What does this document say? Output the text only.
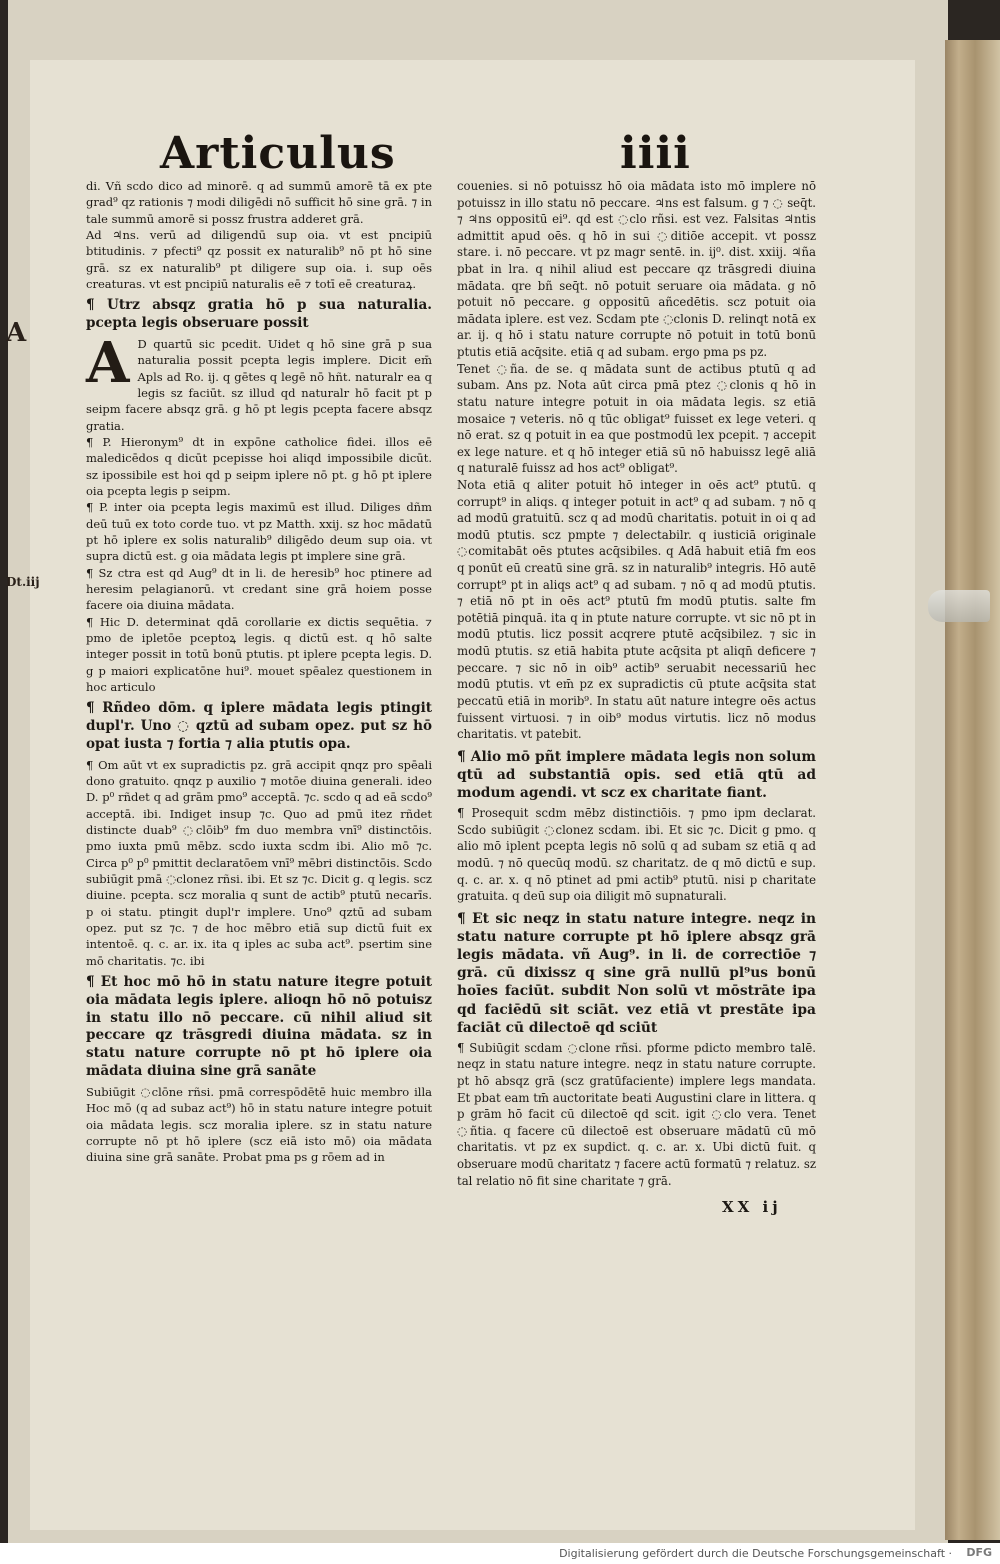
Articulus	iiii
A
Dt.iij

di. Vñ scdo dico ad minorē. q ad summū amorē tā ex pte grad⁹ qz rationis ⁊ modi diligēdi nō sufficit hō sine grā. ⁊ in tale summū amorē si possz frustra adderet grā.

Ad ♃ns. verū ad diligendū sup oia. vt est pncipiū btitudinis. ⁊ pfecti⁹ qz possit ex naturalib⁹ nō pt hō sine grā. sz ex naturalib⁹ pt diligere sup oia. i. sup oēs creaturas. vt est pncipiū naturalis eē ⁊ totī eē creaturaꝝ.

¶ Utrz absqz gratia hō p sua naturalia. pcepta legis obseruare possit

A D quartū sic pcedit. Uidet q hō sine grā p sua naturalia possit pcepta legis implere. Dicit em̄ Apls ad Ro. ij. q gētes q legē nō hñt. naturalr ea q legis sz faciūt. sz illud qd naturalr hō facit pt p seipm facere absqz grā. g hō pt legis pcepta facere absqz gratia.

¶ P. Hieronym⁹ dt in expōne catholice fidei. illos eē maledicēdos q dicūt pcepisse hoi aliqd impossibile dicūt. sz ipossibile est hoi qd p seipm iplere nō pt. g hō pt iplere oia pcepta legis p seipm.

¶ P. inter oia pcepta legis maximū est illud. Diliges dñm deū tuū ex toto corde tuo. vt pz Matth. xxij. sz hoc mādatū pt hō iplere ex solis naturalib⁹ diligēdo deum sup oia. vt supra dictū est. g oia mādata legis pt implere sine grā.

¶ Sz ctra est qd Aug⁹ dt in li. de heresib⁹ hoc ptinere ad heresim pelagianorū. vt credant sine grā hoiem posse facere oia diuina mādata.

¶ Hic D. determinat qdā corollarie ex dictis sequētia. ⁊ pmo de ipletōe pceptoꝝ legis. q dictū est. q hō salte integer possit in totū bonū ptutis. pt iplere pcepta legis. D. g p maiori explicatōne hui⁹. mouet spēalez questionem in hoc articulo

¶ Rñdeo dōm. q iplere mādata legis ptingit dupl'r. Uno ◌ qztū ad subam opez. put sz hō opat iusta ⁊ fortia ⁊ alia ptutis opa.

¶ Om aūt vt ex supradictis pz. grā accipit qnqz pro spēali dono gratuito. qnqz p auxilio ⁊ motōe diuina generali. ideo D. p⁰ rñdet q ad grām pmo⁹ acceptā. ⁊c. scdo q ad eā scdo⁹ acceptā. ibi. Indiget insup ⁊c. Quo ad pmū itez rñdet distincte duab⁹ ◌clōib⁹ fm duo membra vnī⁹ distinctōis. pmo iuxta pmū mēbz. scdo iuxta scdm ibi. Alio mō ⁊c. Circa p⁰ p⁰ pmittit declaratōem vnī⁹ mēbri distinctōis. Scdo subiūgit pmā ◌clonez rñsi. ibi. Et sz ⁊c. Dicit g. q legis. scz diuine. pcepta. scz moralia q sunt de actib⁹ ptutū necarīs. p oi statu. ptingit dupl'r implere. Uno⁹ qztū ad subam opez. put sz ⁊c. ⁊ de hoc mēbro etiā sup dictū fuit ex intentoē. q. c. ar. ix. ita q iples ac suba act⁹. psertim sine mō charitatis. ⁊c. ibi

¶ Et hoc mō hō in statu nature itegre potuit oia mādata legis iplere. alioqn hō nō potuisz in statu illo nō peccare. cū nihil aliud sit peccare qz trāsgredi diuina mādata. sz in statu nature corrupte nō pt hō iplere oia mādata diuina sine grā sanāte

Subiūgit ◌clōne rñsi. pmā correspōdētē huic membro illa Hoc mō (q ad subaz act⁹) hō in statu nature integre potuit oia mādata legis. scz moralia iplere. sz in statu nature corrupte nō pt hō iplere (scz eiā isto mō) oia mādata diuina sine grā sanāte. Probat pma ps g rōem ad in

couenies. si nō potuissz hō oia mādata isto mō implere nō potuissz in illo statu nō peccare. ♃ns est falsum. g ⁊ ◌ seq̄t. ⁊ ♃ns oppositū ei⁹. qd est ◌clo rñsi. est vez. Falsitas ♃ntis admittit apud oēs. q hō in sui ◌ditiōe accepit. vt possz stare. i. nō peccare. vt pz magr sentē. in. ij⁰. dist. xxiij. ♃ña pbat in lra. q nihil aliud est peccare qz trāsgredi diuina mādata. qre bñ seq̄t. nō potuit seruare oia mādata. g nō potuit nō peccare. g oppositū añcedētis. scz potuit oia mādata iplere. est vez. Scdam pte ◌clonis D. relinqt notā ex ar. ij. q hō i statu nature corrupte nō potuit in totū bonū ptutis etiā acq̄site. etiā q ad subam. ergo pma ps pz.

Tenet ◌ña. de se. q mādata sunt de actibus ptutū q ad subam. Ans pz. Nota aūt circa pmā ptez ◌clonis q hō in statu nature integre potuit in oia mādata legis. sz etiā mosaice ⁊ veteris. nō q tūc obligat⁹ fuisset ex lege veteri. q nō erat. sz q potuit in ea que postmodū lex pcepit. ⁊ accepit ex lege nature. et q hō integer etiā sū nō habuissz legē aliā q naturalē fuissz ad hos act⁹ obligat⁹.

Nota etiā q aliter potuit hō integer in oēs act⁹ ptutū. q corrupt⁹ in aliqs. q integer potuit in act⁹ q ad subam. ⁊ nō q ad modū gratuitū. scz q ad modū charitatis. potuit in oi q ad modū ptutis. scz pmpte ⁊ delectabilr. q iusticiā originale ◌comitabāt oēs ptutes acq̄sibiles. q Adā habuit etiā fm eos q ponūt eū creatū sine grā. sz in naturalib⁹ integris. Hō autē corrupt⁹ pt in aliqs act⁹ q ad subam. ⁊ nō q ad modū ptutis. ⁊ etiā nō pt in oēs act⁹ ptutū fm modū ptutis. salte fm potētiā pinquā. ita q in ptute nature corrupte. vt sic nō pt in modū ptutis. licz possit acqrere ptutē acq̄sibilez. ⁊ sic in modū ptutis. sz etiā habita ptute acq̄sita pt aliqn̄ deficere ⁊ peccare. ⁊ sic nō in oib⁹ actib⁹ seruabit necessariū hec modū ptutis. vt em̄ pz ex supradictis cū ptute acq̄sita stat peccatū etiā in morib⁹. In statu aūt nature integre oēs actus fuissent virtuosi. ⁊ in oib⁹ modus virtutis. licz nō modus charitatis. vt patebit.

¶ Alio mō pñt implere mādata legis non solum qtū ad substantiā opis. sed etiā qtū ad modum agendi. vt scz ex charitate fiant.

¶ Prosequit scdm mēbz distinctiōis. ⁊ pmo ipm declarat. Scdo subiūgit ◌clonez scdam. ibi. Et sic ⁊c. Dicit g pmo. q alio mō iplent pcepta legis nō solū q ad subam sz etiā q ad modū. ⁊ nō quecūq modū. sz charitatz. de q mō dictū e sup. q. c. ar. x. q nō ptinet ad pmi actib⁹ ptutū. nisi p charitate gratuita. q deū sup oia diligit mō supnaturali.

¶ Et sic neqz in statu nature integre. neqz in statu nature corrupte pt hō iplere absqz grā legis mādata. vñ Aug⁹. in li. de correctiōe ⁊ grā. cū dixissz q sine grā nullū pl⁹us bonū hoīes faciūt. subdit Non solū vt mōstrāte ipa qd faciēdū sit sciāt. vez etiā vt prestāte ipa faciāt cū dilectoē qd sciūt

¶ Subiūgit scdam ◌clone rñsi. pforme pdicto membro talē. neqz in statu nature integre. neqz in statu nature corrupte. pt hō absqz grā (scz gratūfaciente) implere legs mandata. Et pbat eam tm̄ auctoritate beati Augustini clare in littera. q p grām hō facit cū dilectoē qd scit. igit ◌clo vera. Tenet ◌ñtia. q facere cū dilectoē est obseruare mādatū cū mō charitatis. vt pz ex supdict. q. c. ar. x. Ubi dictū fuit. q obseruare modū charitatz ⁊ facere actū formatū ⁊ relatuz. sz tal relatio nō fit sine charitate ⁊ grā.

XX ij
Digitalisierung gefördert durch die Deutsche Forschungsgemeinschaft · DFG
